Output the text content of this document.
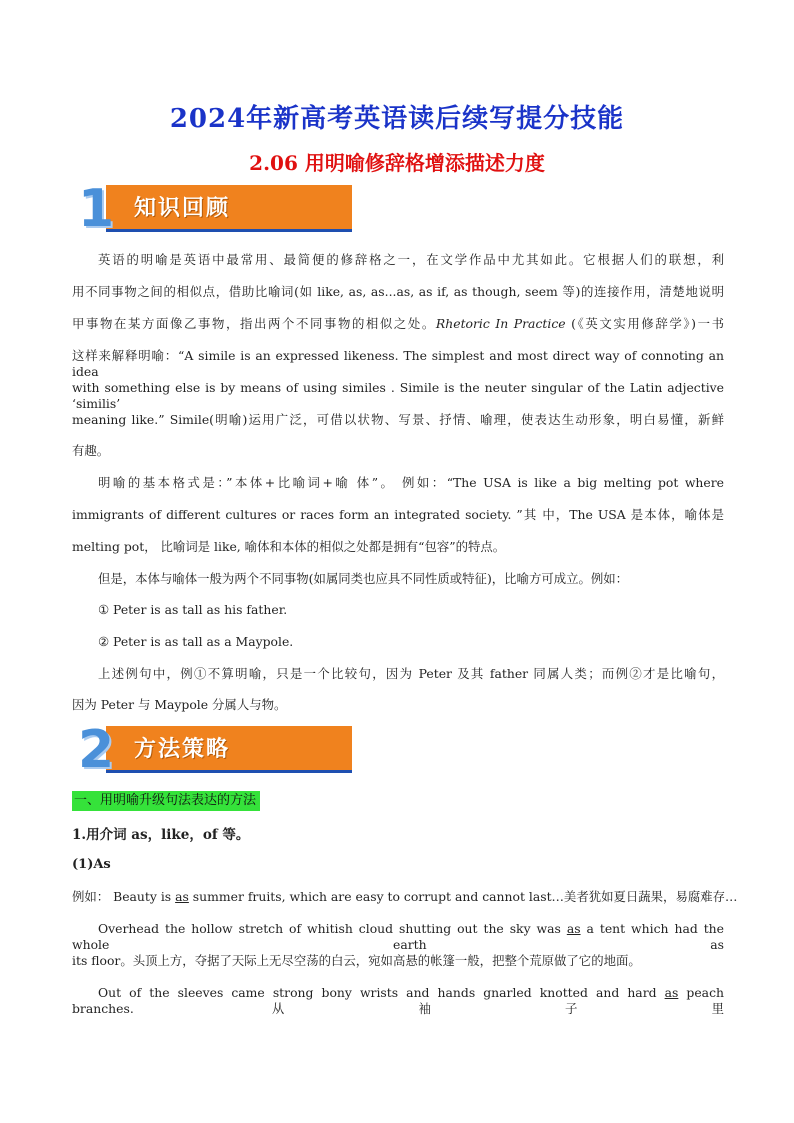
2024年新高考英语读后续写提分技能
2.06 用明喻修辞格增添描述力度
1 知识回顾
英语的明喻是英语中最常用、最简便的修辞格之一，在文学作品中尤其如此。它根据人们的联想，利
用不同事物之间的相似点，借助比喻词(如 like, as, as...as, as if, as though, seem 等)的连接作用，清楚地说明
甲事物在某方面像乙事物，指出两个不同事物的相似之处。Rhetoric In Practice (《英文实用修辞学》)一书
这样来解释明喻：“A simile is an expressed likeness. The simplest and most direct way of connoting an idea
with something else is by means of using similes . Simile is the neuter singular of the Latin adjective ‘similis’
meaning like.” Simile(明喻)运用广泛，可借以状物、写景、抒情、喻理，使表达生动形象，明白易懂，新鲜
有趣。
明喻的基本格式是：”本体+比喻词+喻 体”。 例如：“The USA is like a big melting pot where
immigrants of different cultures or races form an integrated society. ”其 中，The USA 是本体，喻体是
melting pot， 比喻词是 like, 喻体和本体的相似之处都是拥有“包容”的特点。
但是，本体与喻体一般为两个不同事物(如属同类也应具不同性质或特征)，比喻方可成立。例如：
① Peter is as tall as his father.
② Peter is as tall as a Maypole.
上述例句中，例①不算明喻，只是一个比较句，因为 Peter 及其 father 同属人类；而例②才是比喻句，
因为 Peter 与 Maypole 分属人与物。
2 方法策略
一、用明喻升级句法表达的方法
1.用介词 as，like，of 等。
(1)As
例如： Beauty is as summer fruits, which are easy to corrupt and cannot last…美者犹如夏日蔬果，易腐难存…
Overhead the hollow stretch of whitish cloud shutting out the sky was as a tent which had the whole earth as
its floor。头顶上方，夺据了天际上无尽空荡的白云，宛如高悬的帐篷一般，把整个荒原做了它的地面。
Out of the sleeves came strong bony wrists and hands gnarled knotted and hard as peach branches. 从袖子里
